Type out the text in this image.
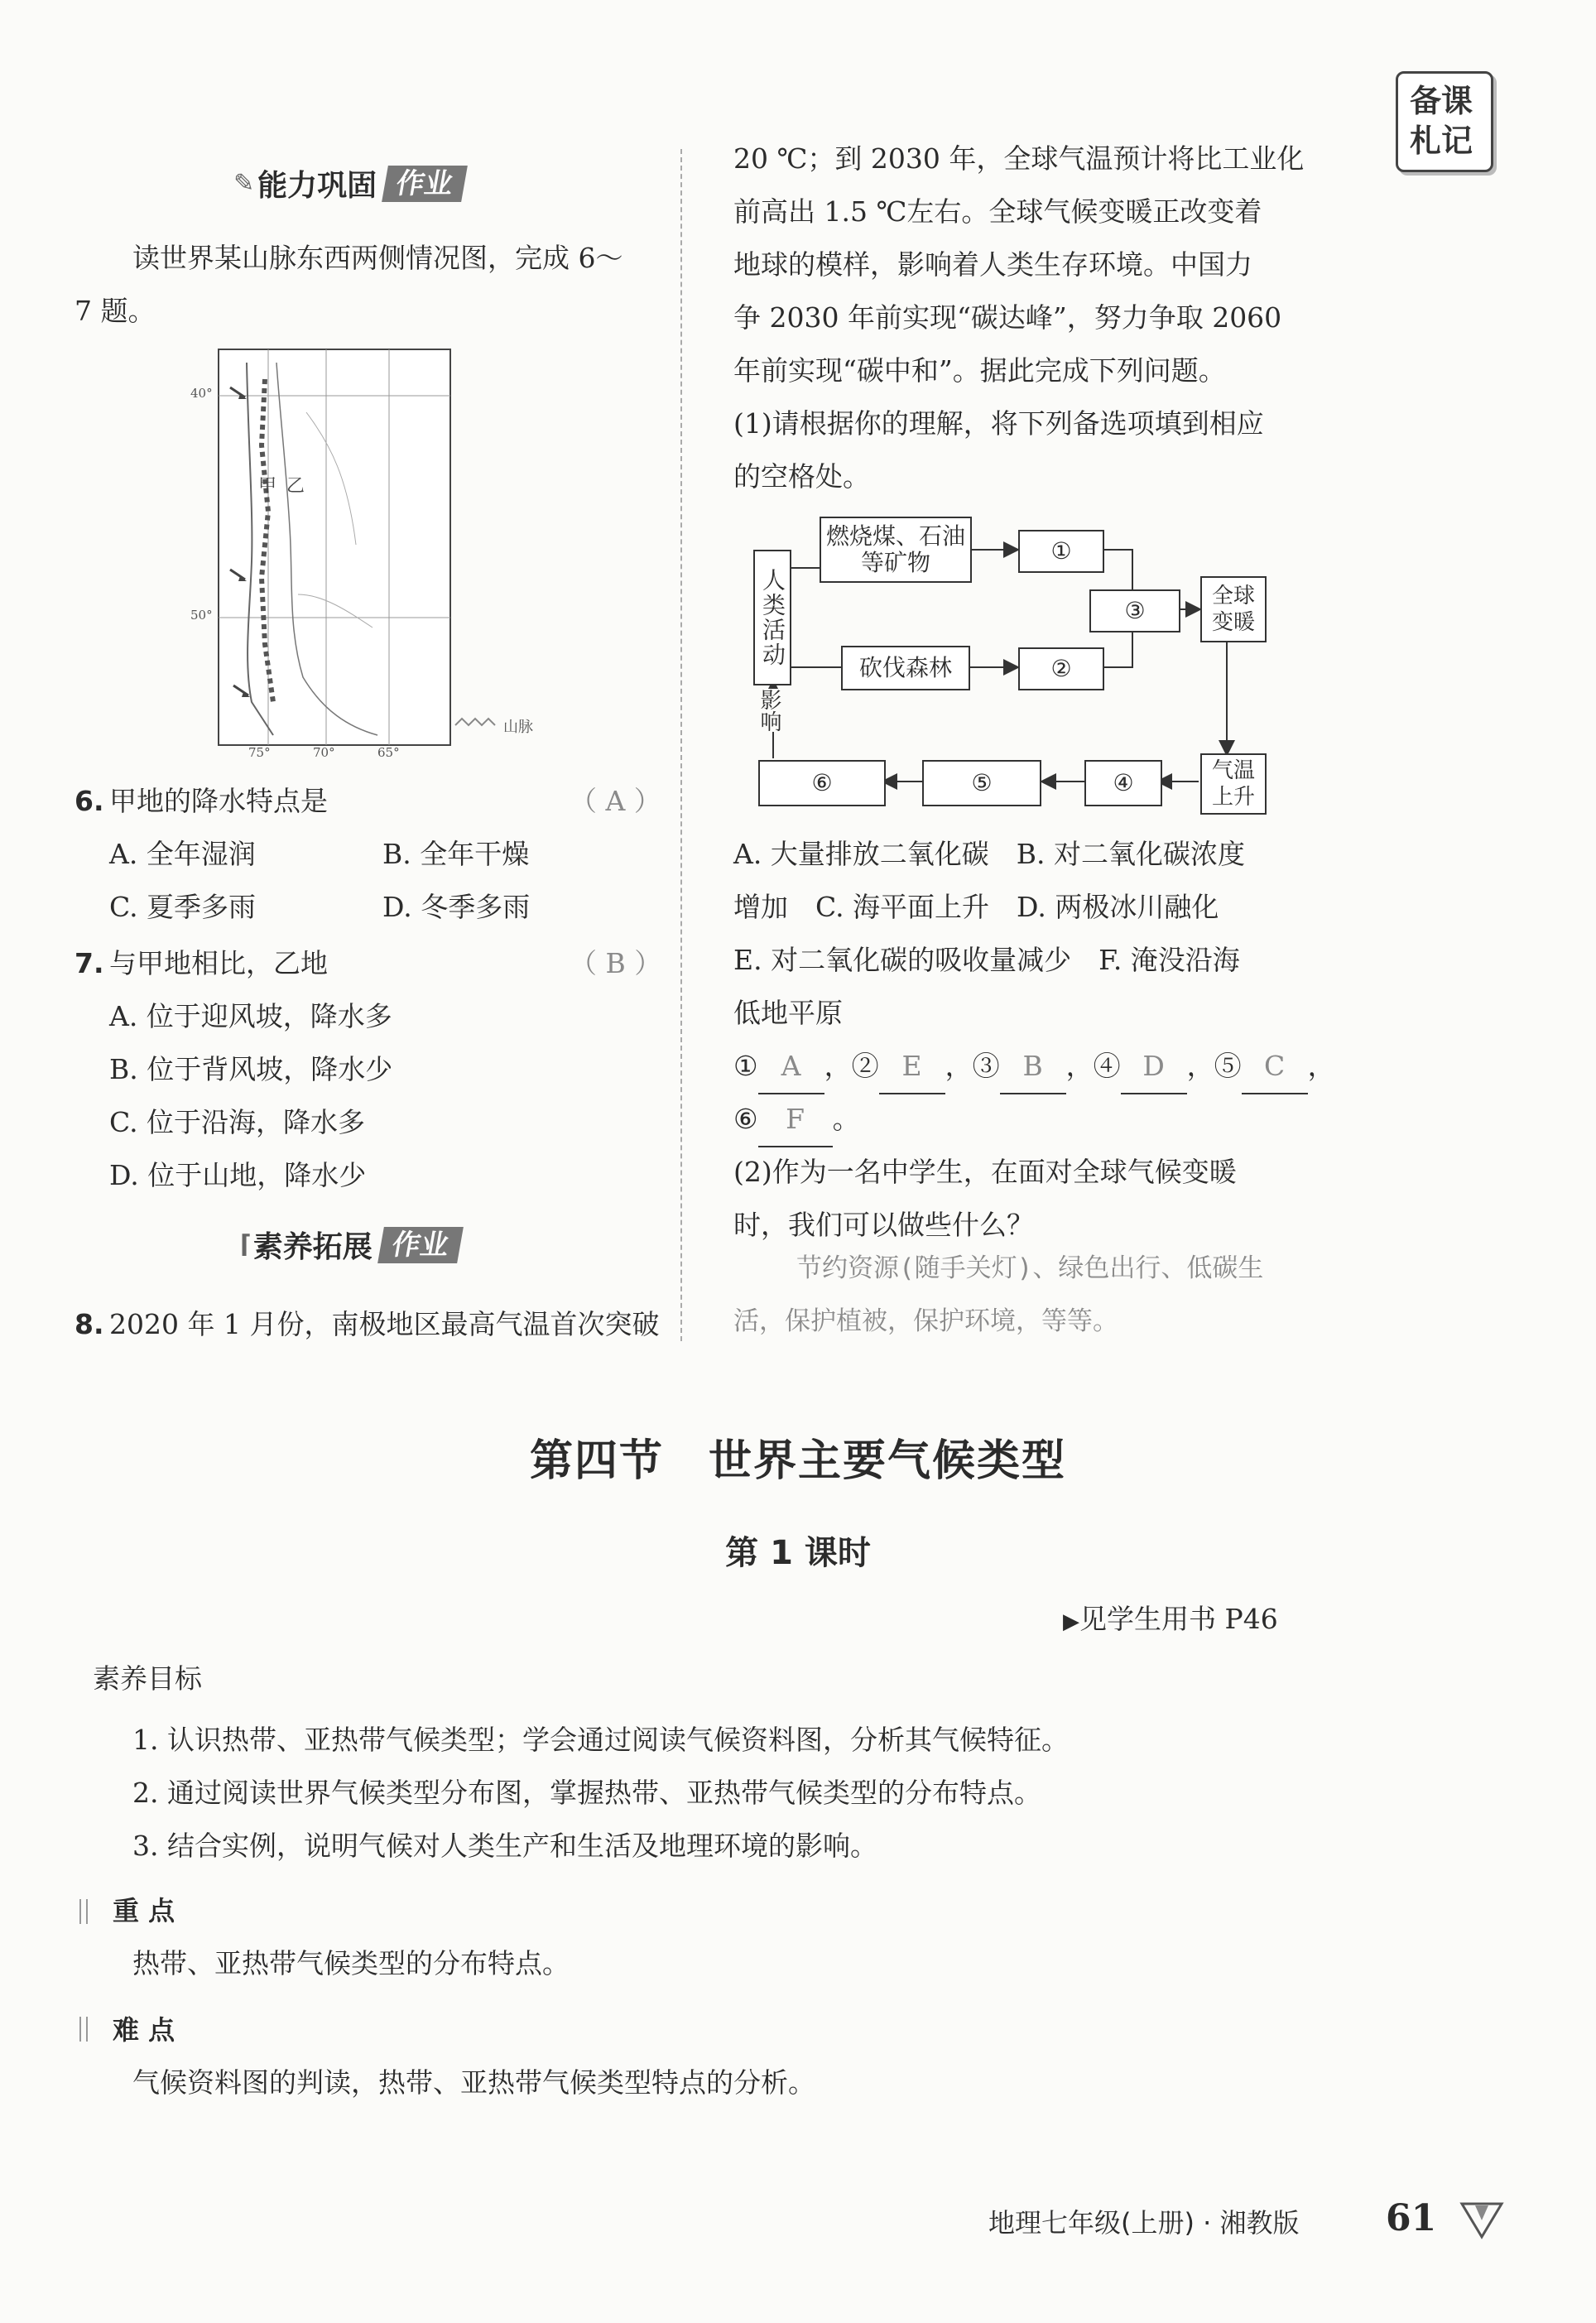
备课
札记
✎ 能力巩固 作业
读世界某山脉东西两侧情况图，完成 6～
7 题。
40°
50°
75°	70°	65°
甲 乙
山脉
6. 甲地的降水特点是	（ A ）
A. 全年湿润	B. 全年干燥
C. 夏季多雨	D. 冬季多雨
7. 与甲地相比，乙地	（ B ）
A. 位于迎风坡，降水多
B. 位于背风坡，降水少
C. 位于沿海，降水多
D. 位于山地，降水少
⌈ 素养拓展 作业
8. 2020 年 1 月份，南极地区最高气温首次突破
20 ℃；到 2030 年，全球气温预计将比工业化
前高出 1.5 ℃左右。全球气候变暖正改变着
地球的模样，影响着人类生存环境。中国力
争 2030 年前实现“碳达峰”，努力争取 2060
年前实现“碳中和”。据此完成下列问题。
(1)请根据你的理解，将下列备选项填到相应
的空格处。
人类活动
燃烧煤、石油等矿物
砍伐森林
①
②
③
全球变暖
气温上升
④
⑤
⑥
影响
A. 大量排放二氧化碳　B. 对二氧化碳浓度
增加　C. 海平面上升　D. 两极冰川融化
E. 对二氧化碳的吸收量减少　F. 淹没沿海
低地平原
① A ，② E ，③ B ，④ D ，⑤ C ，
⑥ F 。
(2)作为一名中学生，在面对全球气候变暖
时，我们可以做些什么？
节约资源(随手关灯)、绿色出行、低碳生
活，保护植被，保护环境，等等。
第四节　世界主要气候类型
第 1 课时
▶见学生用书 P46
素养目标
1. 认识热带、亚热带气候类型；学会通过阅读气候资料图，分析其气候特征。
2. 通过阅读世界气候类型分布图，掌握热带、亚热带气候类型的分布特点。
3. 结合实例，说明气候对人类生产和生活及地理环境的影响。
重 点
热带、亚热带气候类型的分布特点。
难 点
气候资料图的判读，热带、亚热带气候类型特点的分析。
地理七年级(上册) · 湘教版 61
